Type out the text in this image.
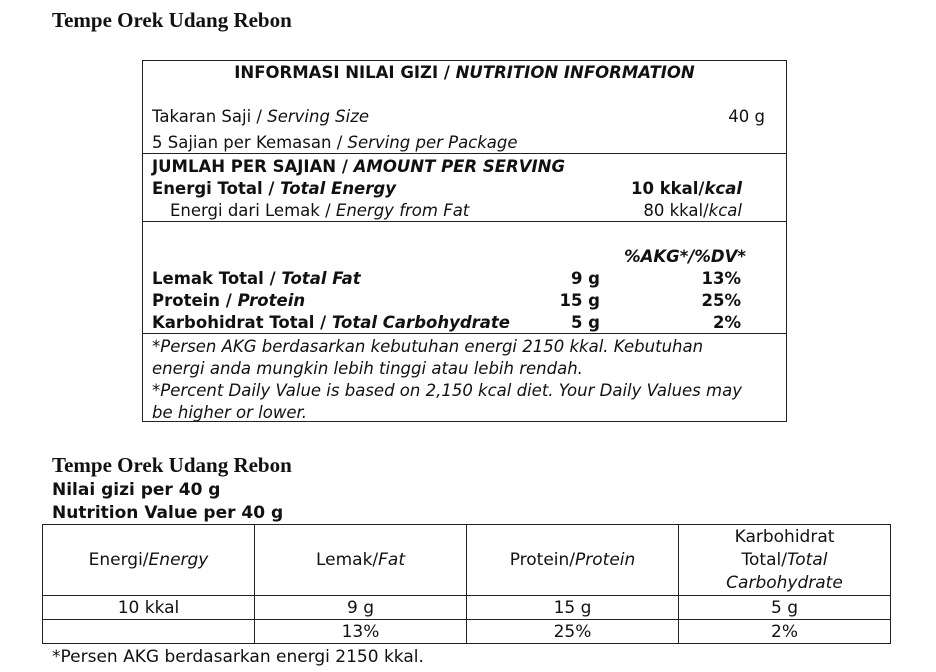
Tempe Orek Udang Rebon
INFORMASI NILAI GIZI / NUTRITION INFORMATION
Takaran Saji / Serving Size	40 g
5 Sajian per Kemasan / Serving per Package
JUMLAH PER SAJIAN / AMOUNT PER SERVING
Energi Total / Total Energy	10 kkal/kcal
Energi dari Lemak / Energy from Fat	80 kkal/kcal
%AKG*/%DV*
Lemak Total / Total Fat	9 g	13%
Protein / Protein	15 g	25%
Karbohidrat Total / Total Carbohydrate	5 g	2%
*Persen AKG berdasarkan kebutuhan energi 2150 kkal. Kebutuhan
energi anda mungkin lebih tinggi atau lebih rendah.
*Percent Daily Value is based on 2,150 kcal diet. Your Daily Values may
be higher or lower.
Tempe Orek Udang Rebon
Nilai gizi per 40 g
Nutrition Value per 40 g
Energi/Energy	Lemak/Fat	Protein/Protein	Karbohidrat
Total/Total
Carbohydrate
10 kkal	9 g	15 g	5 g
	13%	25%	2%
*Persen AKG berdasarkan energi 2150 kkal.
